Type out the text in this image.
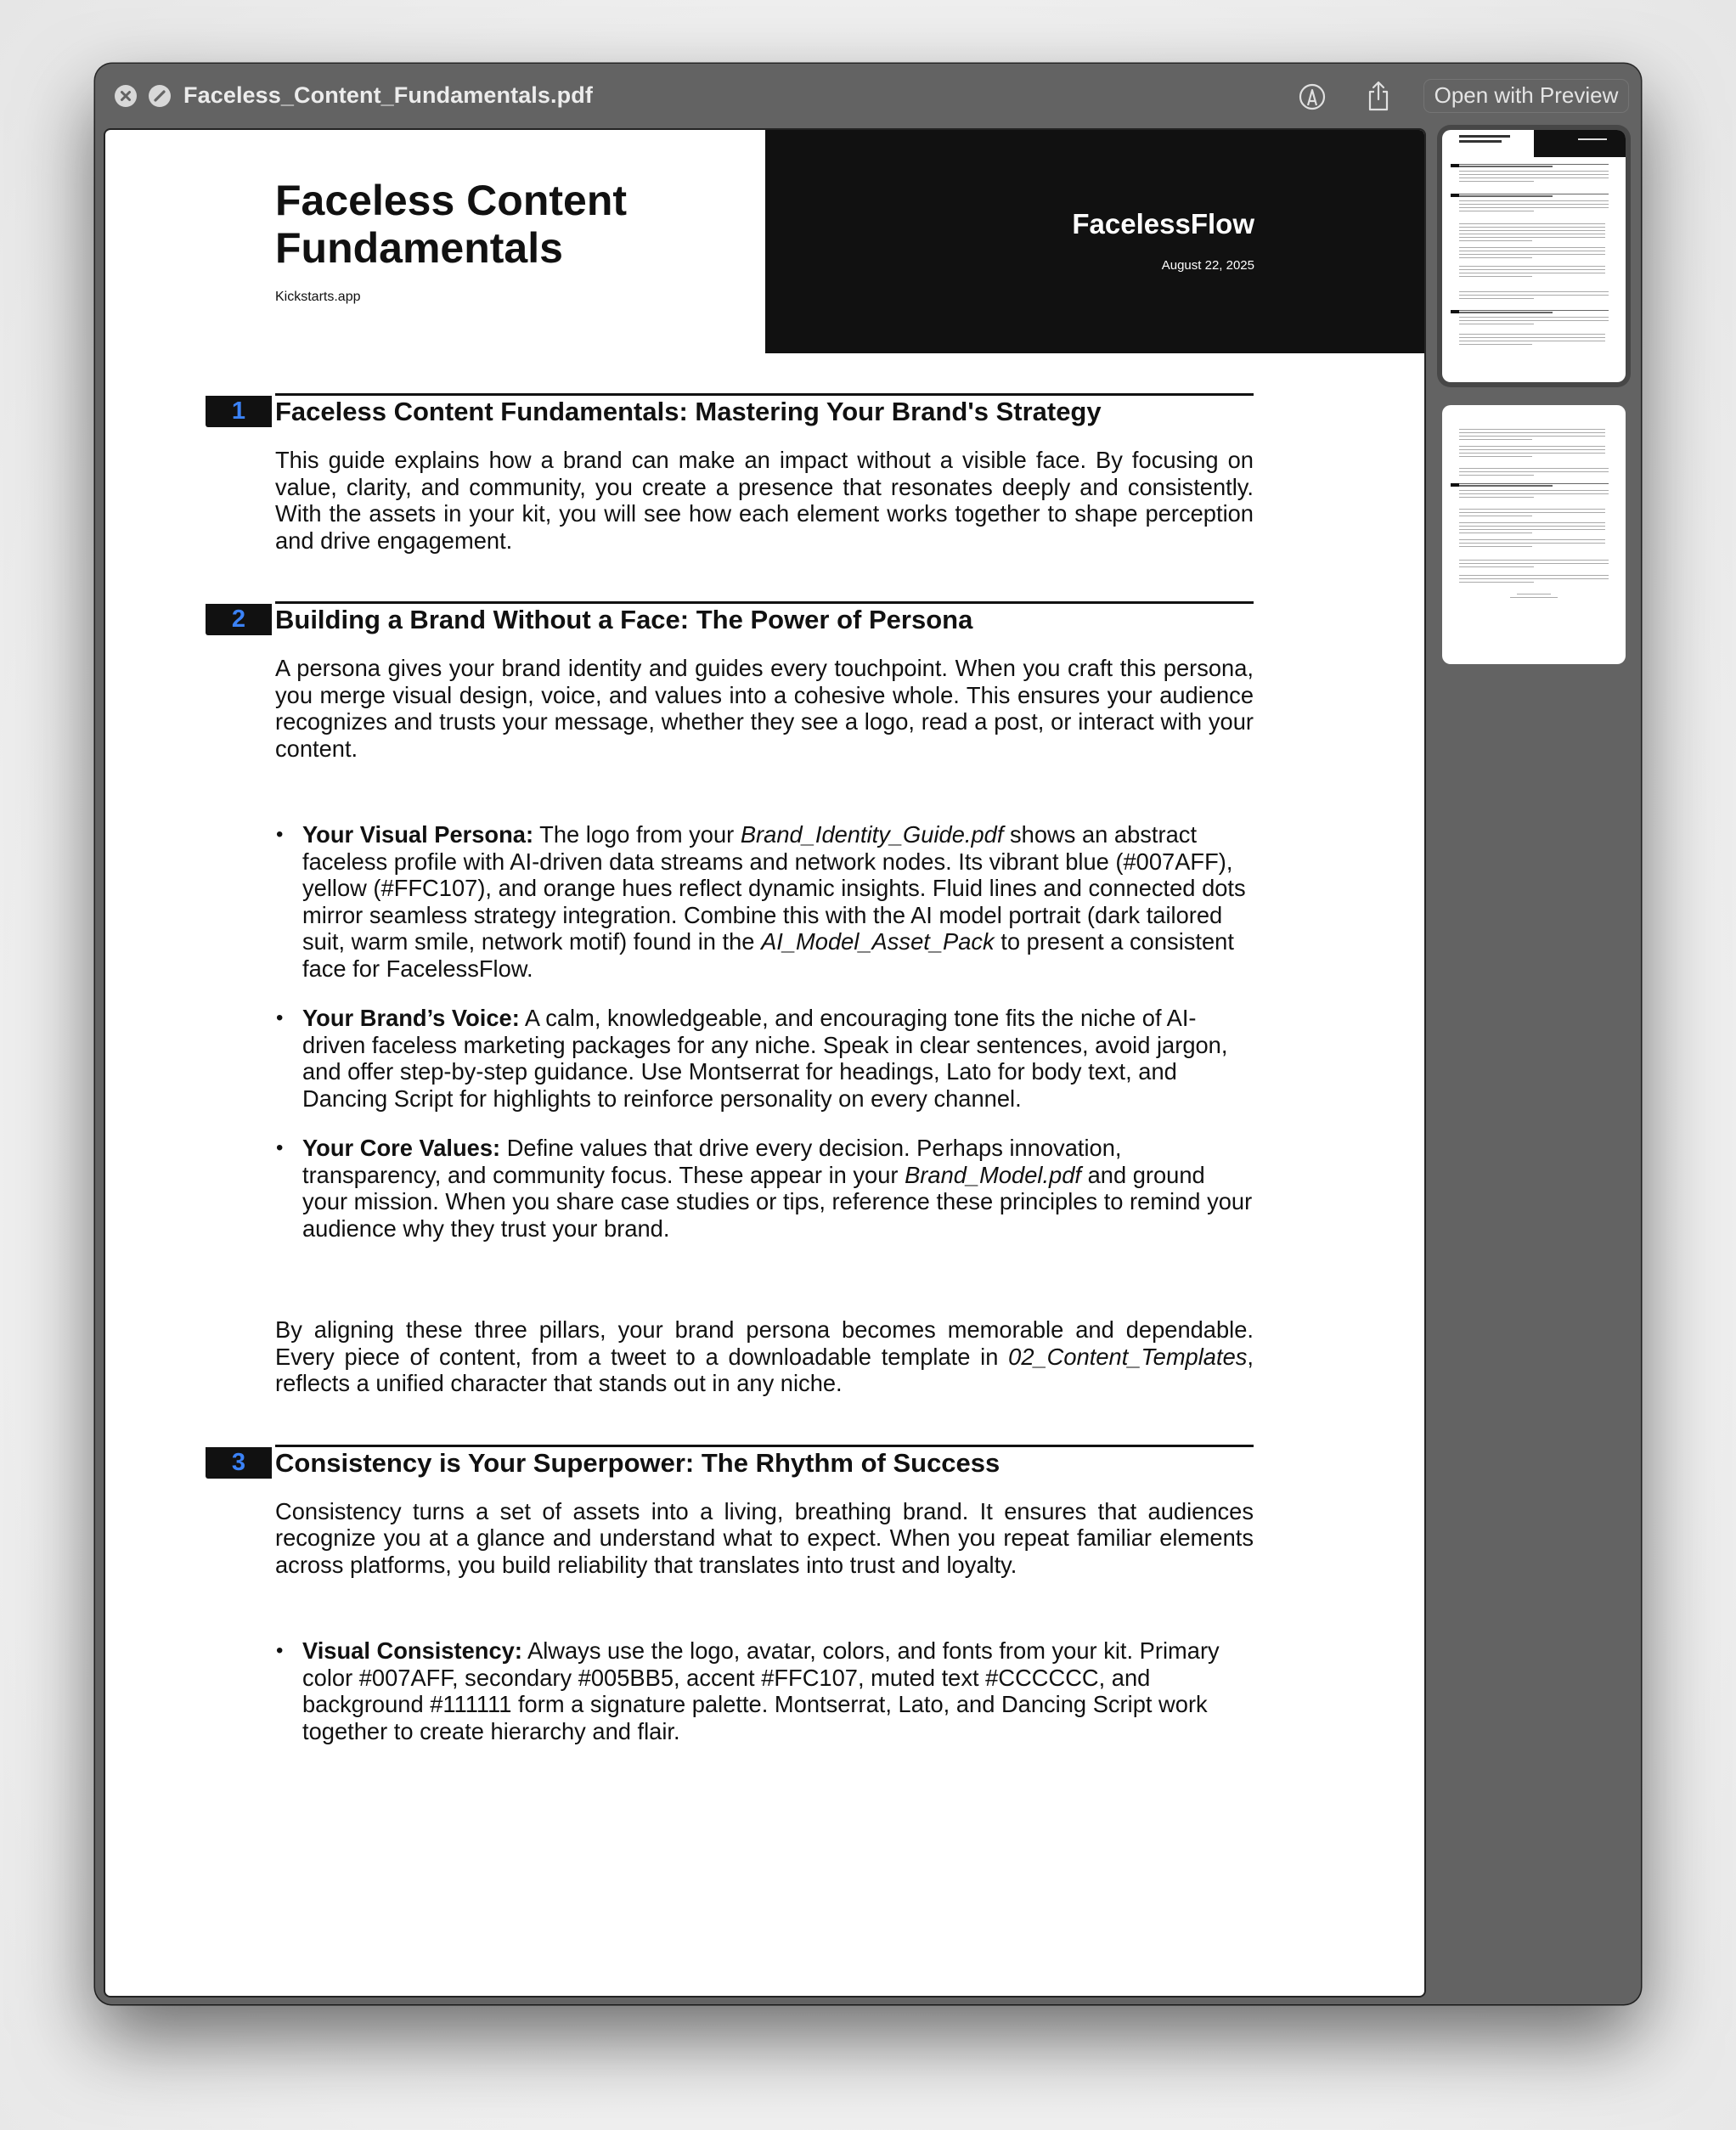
Faceless_Content_Fundamentals.pdf	Open with Preview
Faceless Content Fundamentals
Kickstarts.app
FacelessFlow
August 22, 2025
1	Faceless Content Fundamentals: Mastering Your Brand's Strategy

This guide explains how a brand can make an impact without a visible face. By focusing on value, clarity, and community, you create a presence that resonates deeply and consistently. With the assets in your kit, you will see how each element works together to shape perception and drive engagement.

2	Building a Brand Without a Face: The Power of Persona

A persona gives your brand identity and guides every touchpoint. When you craft this persona, you merge visual design, voice, and values into a cohesive whole. This ensures your audience recognizes and trusts your message, whether they see a logo, read a post, or interact with your content.

• Your Visual Persona: The logo from your Brand_Identity_Guide.pdf shows an abstract faceless profile with AI-driven data streams and network nodes. Its vibrant blue (#007AFF), yellow (#FFC107), and orange hues reflect dynamic insights. Fluid lines and connected dots mirror seamless strategy integration. Combine this with the AI model portrait (dark tailored suit, warm smile, network motif) found in the AI_Model_Asset_Pack to present a consistent face for FacelessFlow.
• Your Brand’s Voice: A calm, knowledgeable, and encouraging tone fits the niche of AI-driven faceless marketing packages for any niche. Speak in clear sentences, avoid jargon, and offer step-by-step guidance. Use Montserrat for headings, Lato for body text, and Dancing Script for highlights to reinforce personality on every channel.
• Your Core Values: Define values that drive every decision. Perhaps innovation, transparency, and community focus. These appear in your Brand_Model.pdf and ground your mission. When you share case studies or tips, reference these principles to remind your audience why they trust your brand.

By aligning these three pillars, your brand persona becomes memorable and dependable. Every piece of content, from a tweet to a downloadable template in 02_Content_Templates, reflects a unified character that stands out in any niche.

3	Consistency is Your Superpower: The Rhythm of Success

Consistency turns a set of assets into a living, breathing brand. It ensures that audiences recognize you at a glance and understand what to expect. When you repeat familiar elements across platforms, you build reliability that translates into trust and loyalty.

• Visual Consistency: Always use the logo, avatar, colors, and fonts from your kit. Primary color #007AFF, secondary #005BB5, accent #FFC107, muted text #CCCCCC, and background #111111 form a signature palette. Montserrat, Lato, and Dancing Script work together to create hierarchy and flair.
